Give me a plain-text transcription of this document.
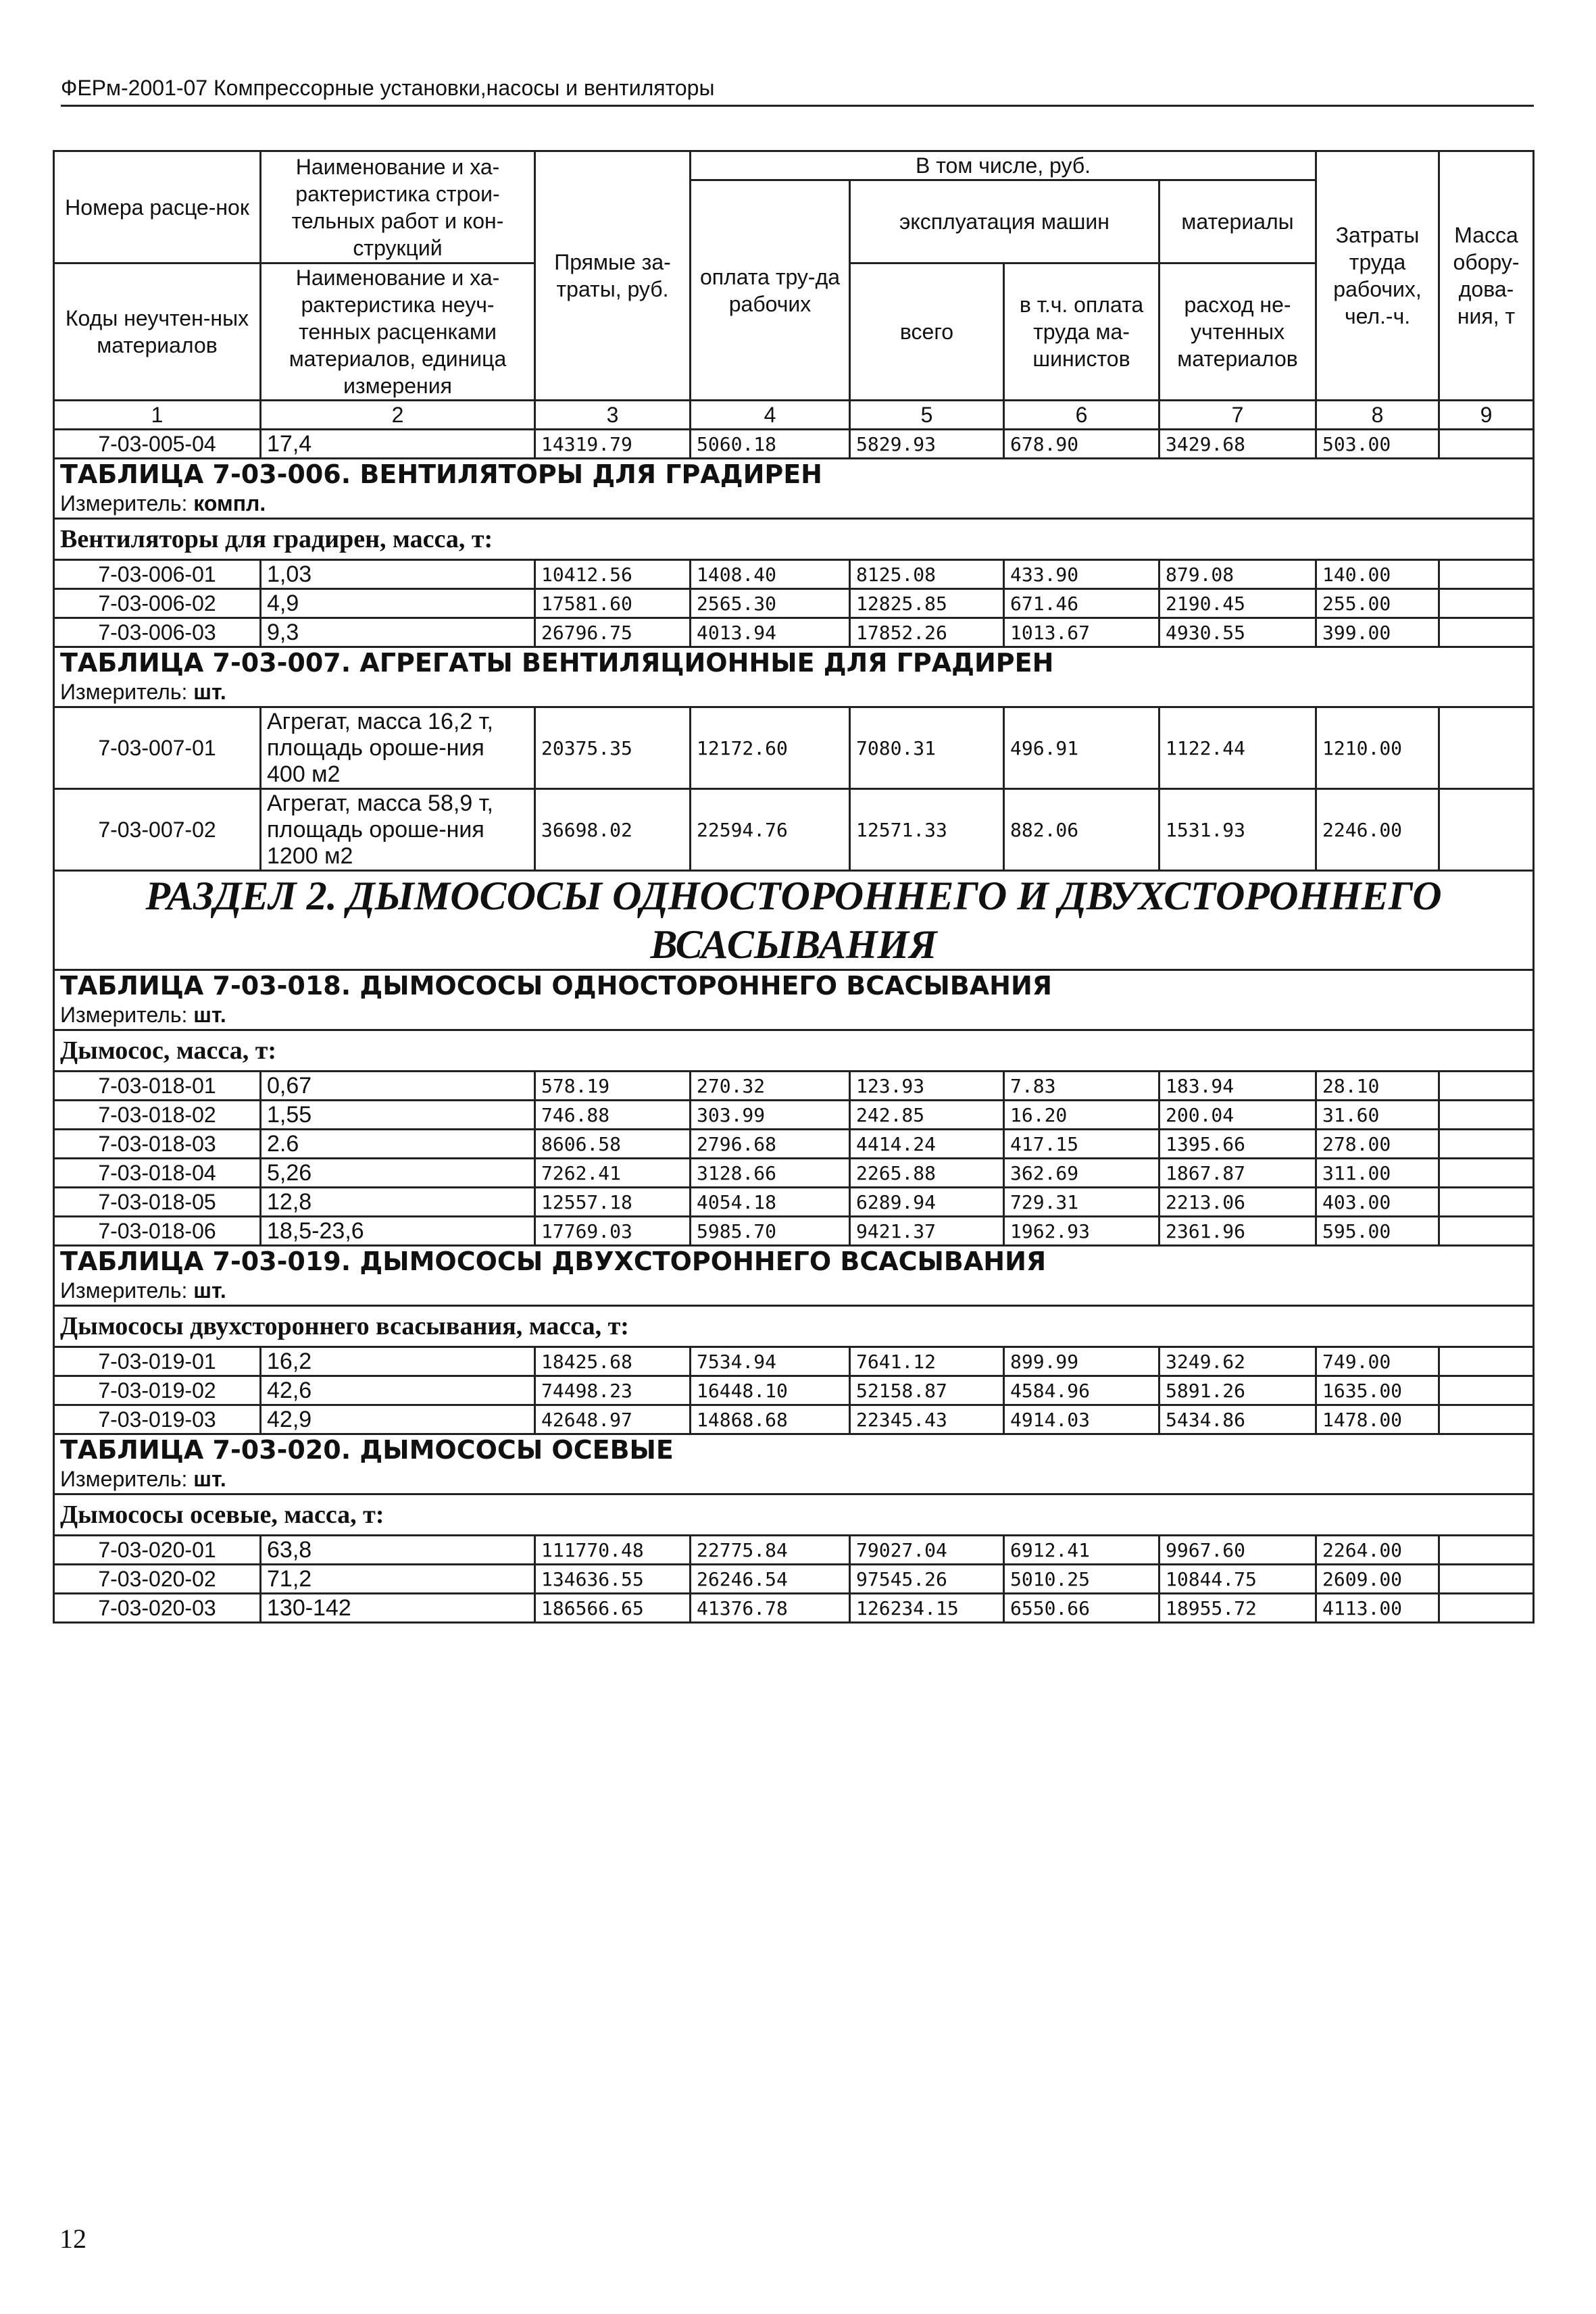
ФЕРм-2001-07 Компрессорные установки,насосы и вентиляторы
Номера расце-нок	Наименование и ха-рактеристика строи-тельных работ и кон-струкций	Прямые за-траты, руб.	В том числе, руб.				Затраты труда рабочих, чел.-ч.	Масса обору-дова-ния, т
			оплата тру-да рабочих	эксплуатация машин		материалы		
				всего	в т.ч. оплата труда ма-шинистов	расход не-учтенных материалов		
Коды неучтен-ных материалов	Наименование и ха-рактеристика неуч-тенных расценками материалов, единица измерения							

1	2	3	4	5	6	7	8	9
7-03-005-04	17,4	14319.79	5060.18	5829.93	678.90	3429.68	503.00	
ТАБЛИЦА 7-03-006. ВЕНТИЛЯТОРЫ ДЛЯ ГРАДИРЕН								
Измеритель: компл.								
Вентиляторы для градирен, масса, т:								
7-03-006-01	1,03	10412.56	1408.40	8125.08	433.90	879.08	140.00	
7-03-006-02	4,9	17581.60	2565.30	12825.85	671.46	2190.45	255.00	
7-03-006-03	9,3	26796.75	4013.94	17852.26	1013.67	4930.55	399.00	
ТАБЛИЦА 7-03-007. АГРЕГАТЫ ВЕНТИЛЯЦИОННЫЕ ДЛЯ ГРАДИРЕН								
Измеритель: шт.								
7-03-007-01	Агрегат, масса 16,2 т, площадь ороше-ния 400 м2	20375.35	12172.60	7080.31	496.91	1122.44	1210.00	
7-03-007-02	Агрегат, масса 58,9 т, площадь ороше-ния 1200 м2	36698.02	22594.76	12571.33	882.06	1531.93	2246.00	
РАЗДЕЛ 2. ДЫМОСОСЫ ОДНОСТОРОННЕГО И ДВУХСТОРОННЕГО ВСАСЫВАНИЯ								
ТАБЛИЦА 7-03-018. ДЫМОСОСЫ ОДНОСТОРОННЕГО ВСАСЫВАНИЯ								
Измеритель: шт.								
Дымосос, масса, т:								
7-03-018-01	0,67	578.19	270.32	123.93	7.83	183.94	28.10	
7-03-018-02	1,55	746.88	303.99	242.85	16.20	200.04	31.60	
7-03-018-03	2.6	8606.58	2796.68	4414.24	417.15	1395.66	278.00	
7-03-018-04	5,26	7262.41	3128.66	2265.88	362.69	1867.87	311.00	
7-03-018-05	12,8	12557.18	4054.18	6289.94	729.31	2213.06	403.00	
7-03-018-06	18,5-23,6	17769.03	5985.70	9421.37	1962.93	2361.96	595.00	
ТАБЛИЦА 7-03-019. ДЫМОСОСЫ ДВУХСТОРОННЕГО ВСАСЫВАНИЯ								
Измеритель: шт.								
Дымососы двухстороннего всасывания, масса, т:								
7-03-019-01	16,2	18425.68	7534.94	7641.12	899.99	3249.62	749.00	
7-03-019-02	42,6	74498.23	16448.10	52158.87	4584.96	5891.26	1635.00	
7-03-019-03	42,9	42648.97	14868.68	22345.43	4914.03	5434.86	1478.00	
ТАБЛИЦА 7-03-020. ДЫМОСОСЫ ОСЕВЫЕ								
Измеритель: шт.								
Дымососы осевые, масса, т:								
7-03-020-01	63,8	111770.48	22775.84	79027.04	6912.41	9967.60	2264.00	
7-03-020-02	71,2	134636.55	26246.54	97545.26	5010.25	10844.75	2609.00	
7-03-020-03	130-142	186566.65	41376.78	126234.15	6550.66	18955.72	4113.00	
12
